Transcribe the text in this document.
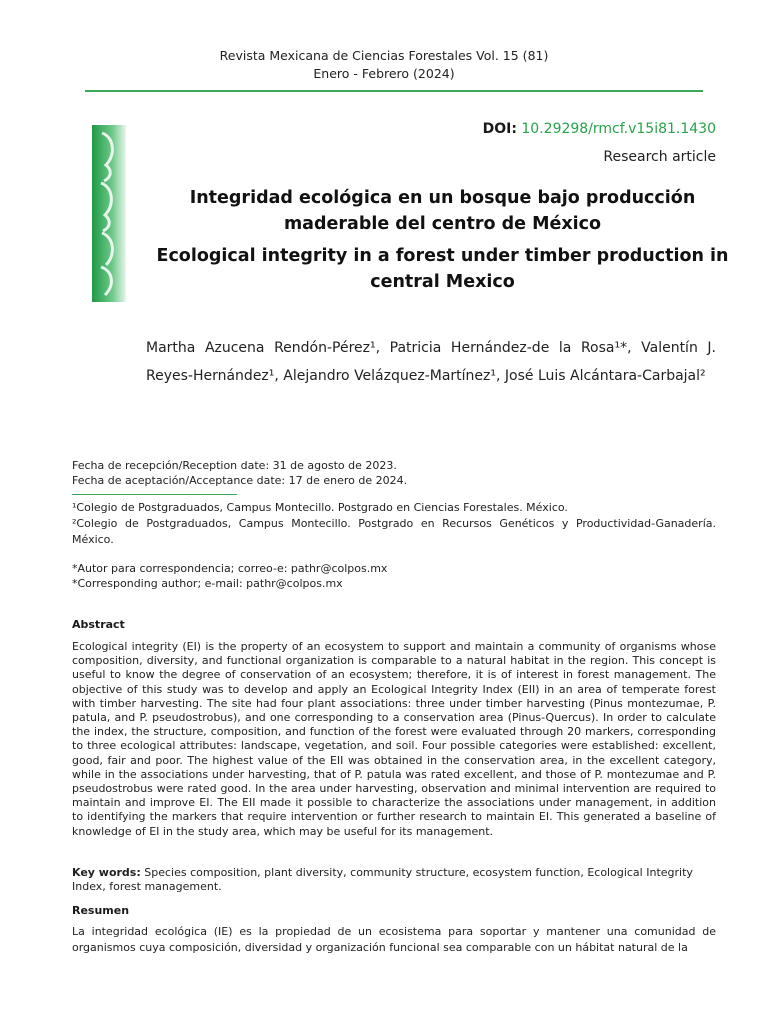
Revista Mexicana de Ciencias Forestales Vol. 15 (81)
Enero - Febrero (2024)
DOI: 10.29298/rmcf.v15i81.1430
Research article
Integridad ecológica en un bosque bajo producción maderable del centro de México
Ecological integrity in a forest under timber production in central Mexico
Martha Azucena Rendón-Pérez¹, Patricia Hernández-de la Rosa¹*, Valentín J. Reyes-Hernández¹, Alejandro Velázquez-Martínez¹, José Luis Alcántara-Carbajal²
Fecha de recepción/Reception date: 31 de agosto de 2023.
Fecha de aceptación/Acceptance date: 17 de enero de 2024.

¹Colegio de Postgraduados, Campus Montecillo. Postgrado en Ciencias Forestales. México.

²Colegio de Postgraduados, Campus Montecillo. Postgrado en Recursos Genéticos y Productividad-Ganadería. México.

*Autor para correspondencia; correo-e: pathr@colpos.mx

*Corresponding author; e-mail: pathr@colpos.mx

Abstract
Ecological integrity (EI) is the property of an ecosystem to support and maintain a community of organisms whose composition, diversity, and functional organization is comparable to a natural habitat in the region. This concept is useful to know the degree of conservation of an ecosystem; therefore, it is of interest in forest management. The objective of this study was to develop and apply an Ecological Integrity Index (EII) in an area of temperate forest with timber harvesting. The site had four plant associations: three under timber harvesting (Pinus montezumae, P. patula, and P. pseudostrobus), and one corresponding to a conservation area (Pinus-Quercus). In order to calculate the index, the structure, composition, and function of the forest were evaluated through 20 markers, corresponding to three ecological attributes: landscape, vegetation, and soil. Four possible categories were established: excellent, good, fair and poor. The highest value of the EII was obtained in the conservation area, in the excellent category, while in the associations under harvesting, that of P. patula was rated excellent, and those of P. montezumae and P. pseudostrobus were rated good. In the area under harvesting, observation and minimal intervention are required to maintain and improve EI. The EII made it possible to characterize the associations under management, in addition to identifying the markers that require intervention or further research to maintain EI. This generated a baseline of knowledge of EI in the study area, which may be useful for its management.
Key words: Species composition, plant diversity, community structure, ecosystem function, Ecological Integrity Index, forest management.
Resumen
La integridad ecológica (IE) es la propiedad de un ecosistema para soportar y mantener una comunidad de organismos cuya composición, diversidad y organización funcional sea comparable con un hábitat natural de la
